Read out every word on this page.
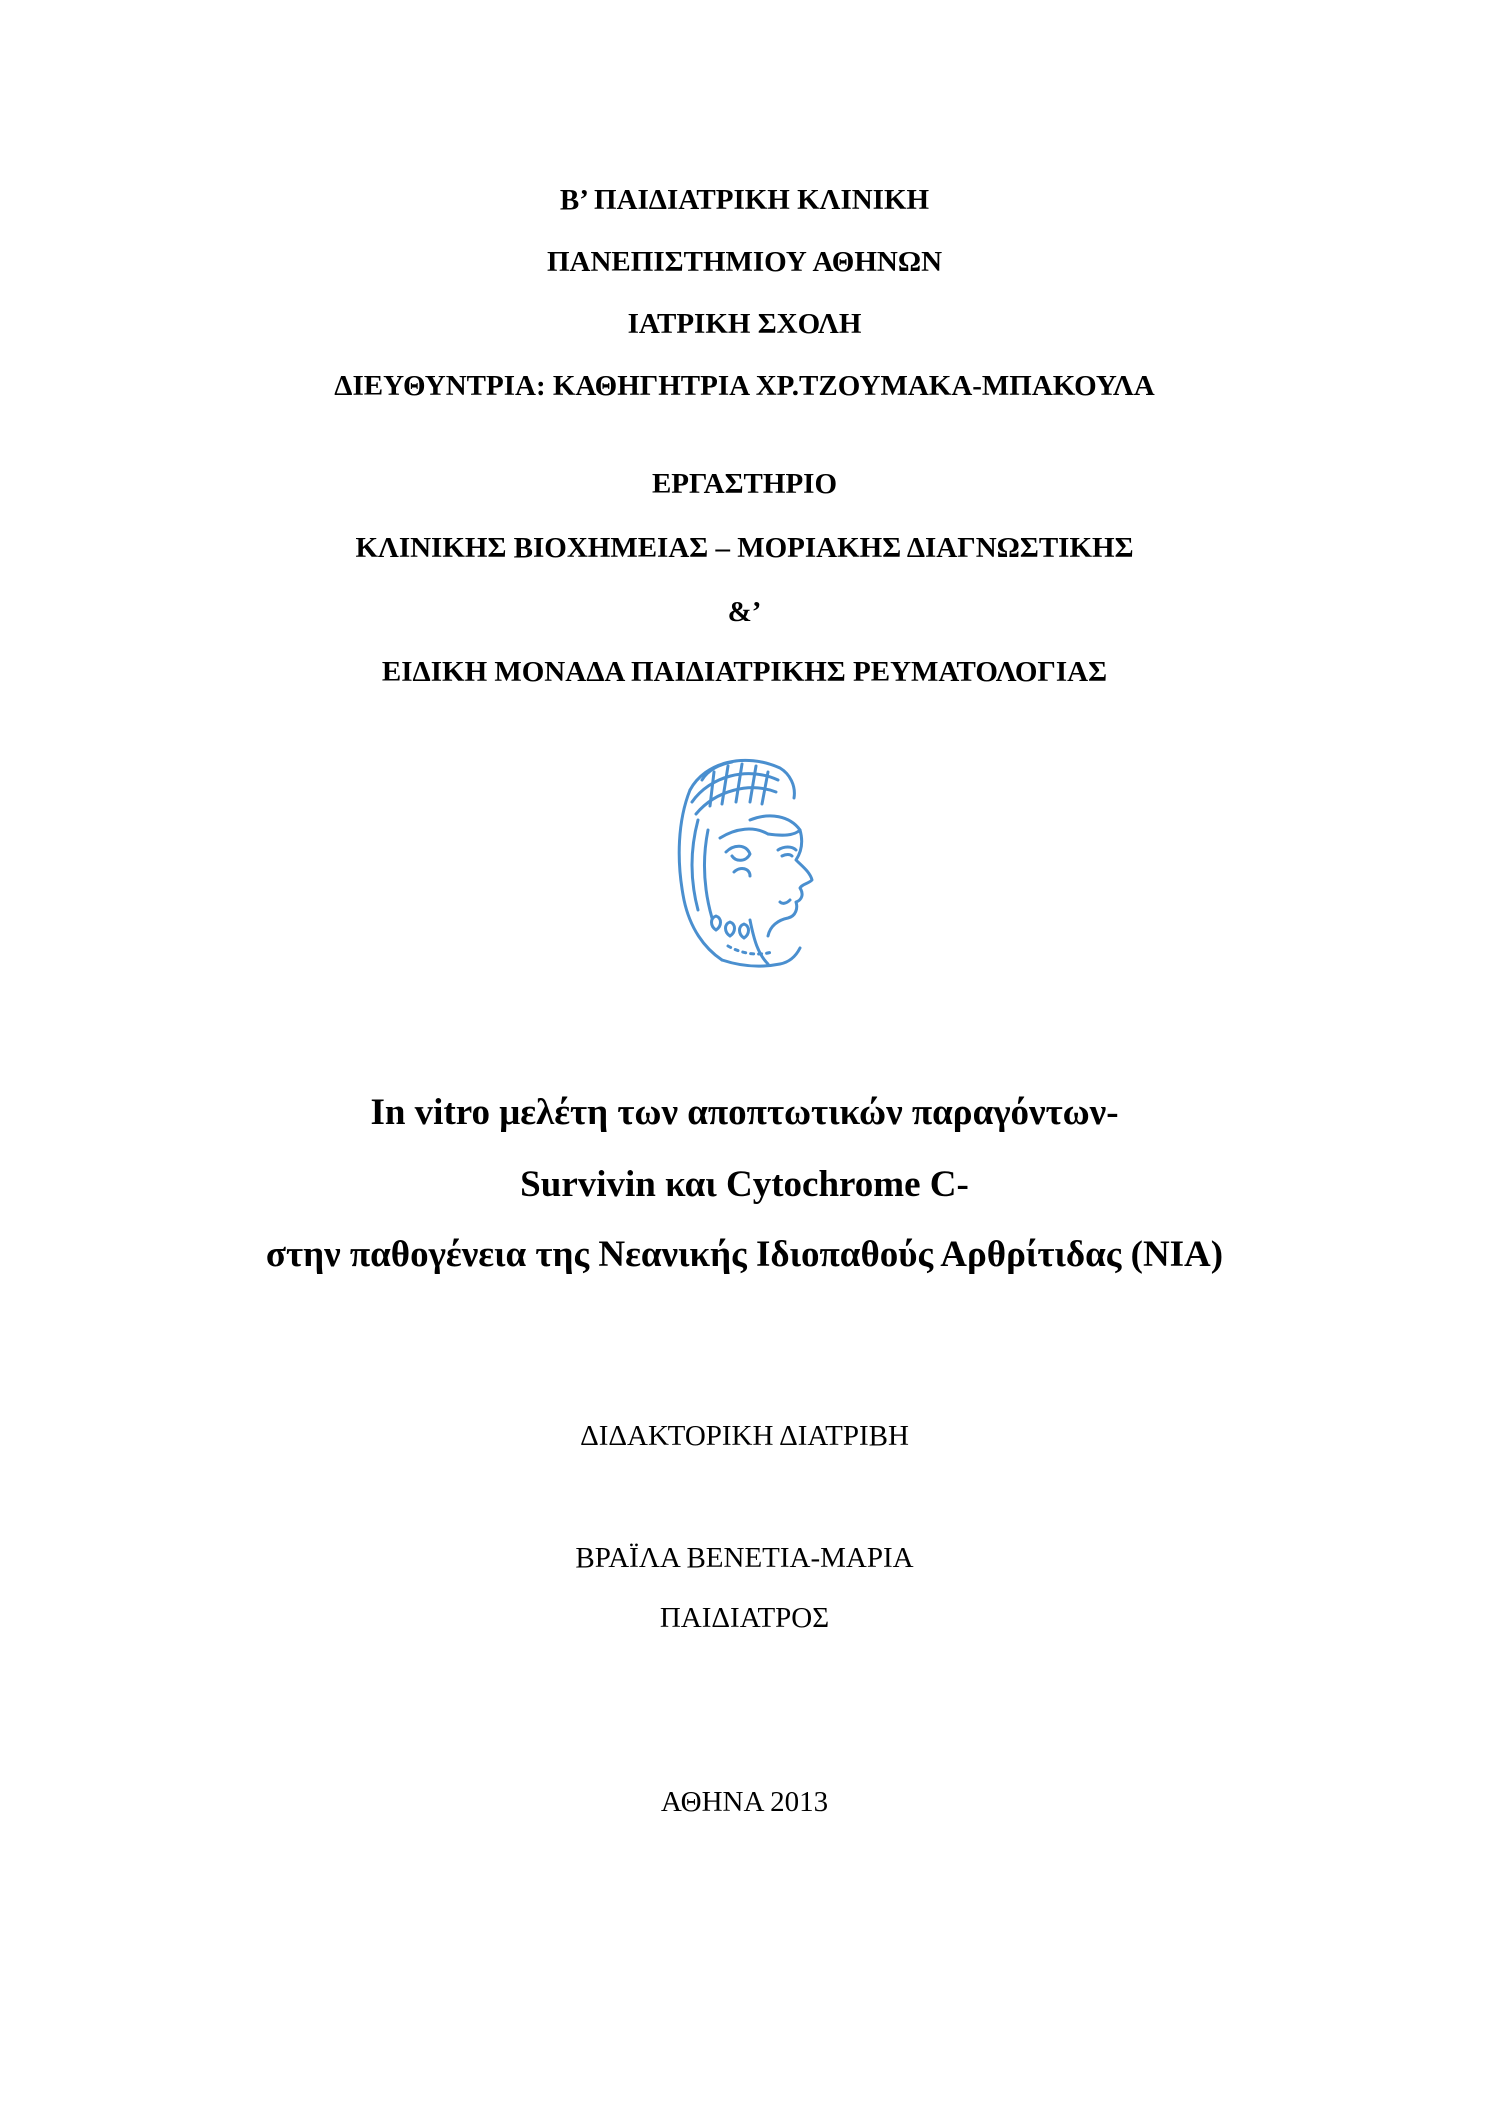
Β’ ΠΑΙΔΙΑΤΡΙΚΗ ΚΛΙΝΙΚΗ
ΠΑΝΕΠΙΣΤΗΜΙΟΥ ΑΘΗΝΩΝ
ΙΑΤΡΙΚΗ ΣΧΟΛΗ
ΔΙΕΥΘΥΝΤΡΙΑ: ΚΑΘΗΓΗΤΡΙΑ ΧΡ.ΤΖΟΥΜΑΚΑ-ΜΠΑΚΟΥΛΑ
ΕΡΓΑΣΤΗΡΙΟ
ΚΛΙΝΙΚΗΣ ΒΙΟΧΗΜΕΙΑΣ – ΜΟΡΙΑΚΗΣ ΔΙΑΓΝΩΣΤΙΚΗΣ
&’
ΕΙΔΙΚΗ ΜΟΝΑΔΑ ΠΑΙΔΙΑΤΡΙΚΗΣ ΡΕΥΜΑΤΟΛΟΓΙΑΣ
In vitro μελέτη των αποπτωτικών παραγόντων-
Survivin και Cytochrome C-
στην παθογένεια της Νεανικής Ιδιοπαθούς Αρθρίτιδας (ΝΙΑ)
ΔΙΔΑΚΤΟΡΙΚΗ ΔΙΑΤΡΙΒΗ
ΒΡΑΪΛΑ ΒΕΝΕΤΙΑ-ΜΑΡΙΑ
ΠΑΙΔΙΑΤΡΟΣ
ΑΘΗΝΑ 2013
